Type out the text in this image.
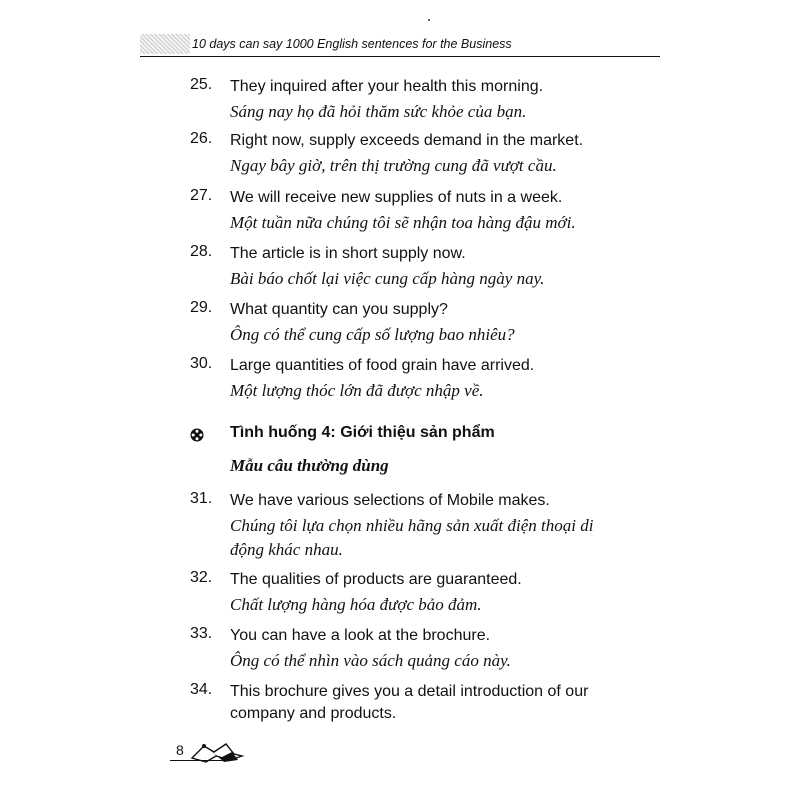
10 days can say 1000 English sentences for the Business
25. They inquired after your health this morning.
Sáng nay họ đã hỏi thăm sức khỏe của bạn.
26. Right now, supply exceeds demand in the market.
Ngay bây giờ, trên thị trường cung đã vượt cầu.
27. We will receive new supplies of nuts in a week.
Một tuần nữa chúng tôi sẽ nhận toa hàng đậu mới.
28. The article is in short supply now.
Bài báo chốt lại việc cung cấp hàng ngày nay.
29. What quantity can you supply?
Ông có thể cung cấp số lượng bao nhiêu?
30. Large quantities of food grain have arrived.
Một lượng thóc lớn đã được nhập về.
Tình huống 4: Giới thiệu sản phẩm
Mẫu câu thường dùng
31. We have various selections of Mobile makes.
Chúng tôi lựa chọn nhiều hãng sản xuất điện thoại di
động khác nhau.
32. The qualities of products are guaranteed.
Chất lượng hàng hóa được bảo đảm.
33. You can have a look at the brochure.
Ông có thể nhìn vào sách quảng cáo này.
34. This brochure gives you a detail introduction of our
company and products.
8
